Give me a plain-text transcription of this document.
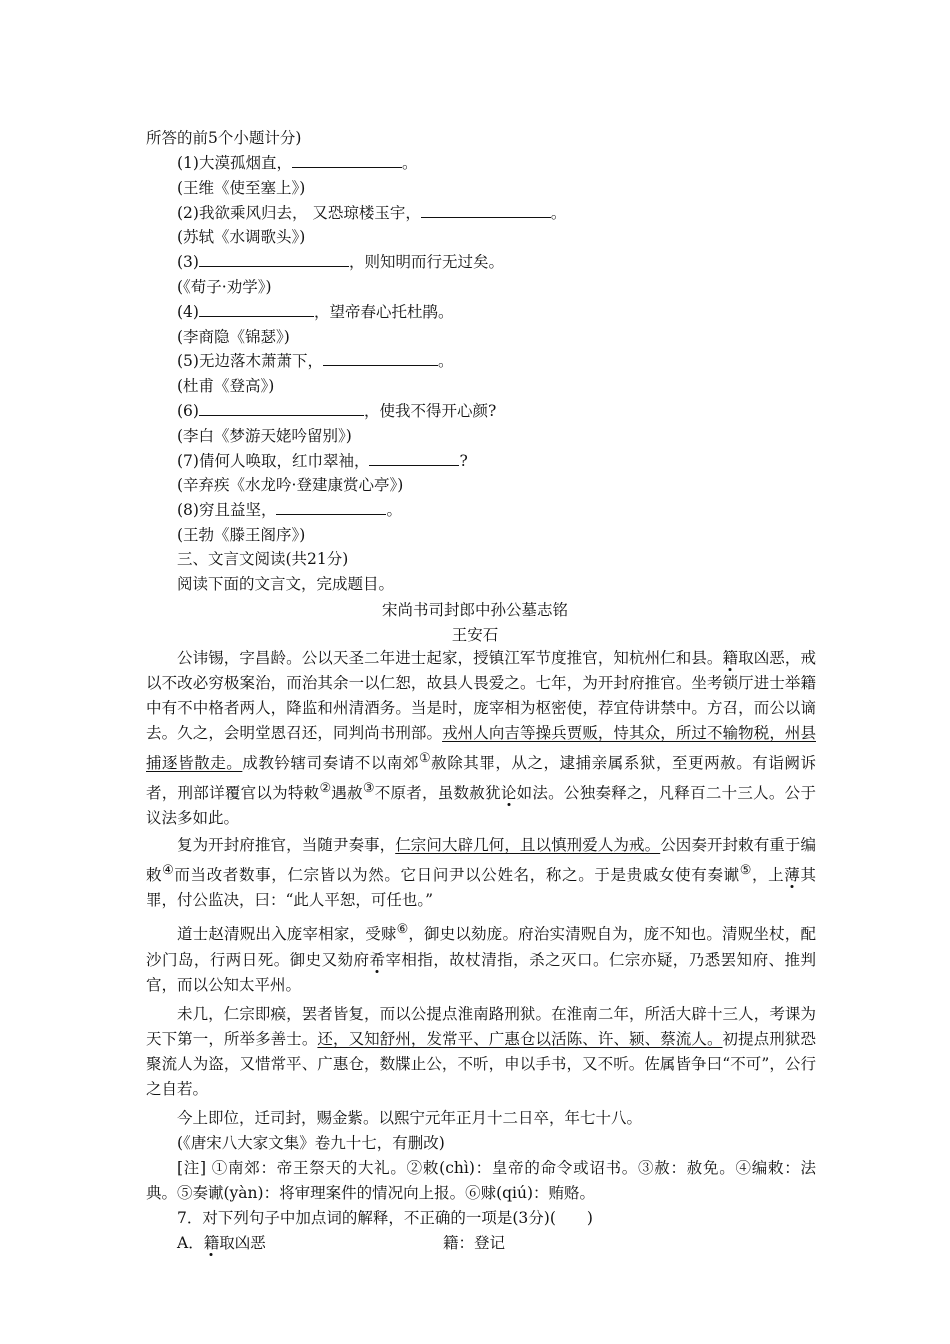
所答的前5个小题计分)
(1)大漠孤烟直，	。
(王维《使至塞上》)
(2)我欲乘风归去， 又恐琼楼玉宇，	。
(苏轼《水调歌头》)
(3)	，则知明而行无过矣。
(《荀子·劝学》)
(4)	，望帝春心托杜鹃。
(李商隐《锦瑟》)
(5)无边落木萧萧下，	。
(杜甫《登高》)
(6)	，使我不得开心颜?
(李白《梦游天姥吟留别》)
(7)倩何人唤取，红巾翠袖，	?
(辛弃疾《水龙吟·登建康赏心亭》)
(8)穷且益坚，	。
(王勃《滕王阁序》)
三、文言文阅读(共21分)
阅读下面的文言文，完成题目。
宋尚书司封郎中孙公墓志铭
王安石

公讳锡，字昌龄。公以天圣二年进士起家，授镇江军节度推官，知杭州仁和县。籍取凶恶，戒以不改必穷极案治，而治其余一以仁恕，故县人畏爱之。七年，为开封府推官。坐考锁厅进士举籍中有不中格者两人，降监和州清酒务。当是时，庞宰相为枢密使，荐宜侍讲禁中。方召，而公以谪去。久之，会明堂恩召还，同判尚书刑部。戎州人向吉等操兵贾贩，恃其众，所过不输物税，州县捕逐皆散走。成教钤辖司奏请不以南郊①赦除其罪，从之，逮捕亲属系狱，至更两赦。有诣阙诉者，刑部详覆官以为特敕②遇赦③不原者，虽数赦犹论如法。公独奏释之，凡释百二十三人。公于议法多如此。

复为开封府推官，当随尹奏事，仁宗问大辟几何，且以慎刑爱人为戒。公因奏开封敕有重于编敕④而当改者数事，仁宗皆以为然。它日问尹以公姓名，称之。于是贵戚女使有奏谳⑤，上薄其罪，付公监决，曰：“此人平恕，可任也。”

道士赵清贶出入庞宰相家，受赇⑥，御史以劾庞。府治实清贶自为，庞不知也。清贶坐杖，配沙门岛，行两日死。御史又劾府希宰相指，故杖清指，杀之灭口。仁宗亦疑，乃悉罢知府、推判官，而以公知太平州。

未几，仁宗即瘊，罢者皆复，而以公提点淮南路刑狱。在淮南二年，所活大辟十三人，考课为天下第一，所举多善士。还，又知舒州，发常平、广惠仓以活陈、许、颍、蔡流人。初提点刑狱恐聚流人为盗，又惜常平、广惠仓，数牒止公，不听，申以手书，又不听。佐属皆争曰“不可”，公行之自若。

今上即位，迁司封，赐金紫。以熙宁元年正月十二日卒，年七十八。

(《唐宋八大家文集》卷九十七，有删改)

[注] ①南郊：帝王祭天的大礼。②敕(chì)：皇帝的命令或诏书。③赦：赦免。④编敕：法典。⑤奏谳(yàn)：将审理案件的情况向上报。⑥赇(qiú)：贿赂。

7．对下列句子中加点词的解释，不正确的一项是(3分)(　　)

A．籍取凶恶	籍：登记
